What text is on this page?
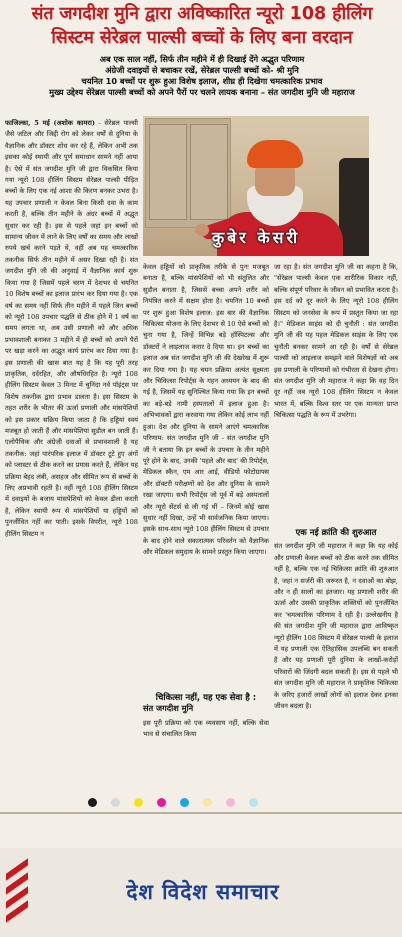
संत जगदीश मुनि द्वारा अविष्कारित न्यूरो 108 हीलिंग
सिस्टम सेरेब्रल पाल्सी बच्चों के लिए बना वरदान
अब एक साल नहीं, सिर्फ तीन महीने में ही दिखाई देंगे अद्भुत परिणाम
अंग्रेजी दवाइयों से बचाकर रखें, सेरेब्रल पाल्सी बच्चों को- श्री मुनि
चयनित 10 बच्चों पर शुरू हुआ विशेष इलाज, शीघ्र ही दिखेगा चमत्कारिक प्रभाव
मुख्य उद्देश्य सेरेब्रल पाल्सी बच्चों को अपने पैरों पर चलने लायक बनाना – संत जगदीश मुनि जी महाराज

फाजिल्का, 5 मई (अशोक कामरा) - सेरेब्रल पाल्सी जैसे जटिल और जिद्दी रोग को लेकर वर्षों से दुनिया के वैज्ञानिक और डॉक्टर शोध कर रहे हैं, लेकिन अभी तक इसका कोई स्थायी और पूर्ण समाधान सामने नहीं आया है। ऐसे में संत जगदीश मुनि जी द्वारा विकसित किया गया न्यूरो 108 हीलिंग सिस्टम सेरेब्रल पाल्सी पीड़ित बच्चों के लिए एक नई आशा की किरण बनकर उभरा है। यह उपचार प्रणाली न केवल बिना किसी दवा के काम करती है, बल्कि तीन महीने के अंदर बच्चों में अद्भुत सुधार कर रही है। इस से पहले जहां इन बच्चों को सामान्य जीवन में लाने के लिए वर्षों का समय और लाखों रुपये खर्च करने पड़ते थे, वहीं अब यह चमत्कारिक तकनीक सिर्फ तीन महीने में असर दिखा रही है। संत जगदीश मुनि जी की अनुवाई में वैज्ञानिक कार्य शुरू किया गया है जिसमें पहले चरण में देशभर से चयनित 10 विशेष बच्चों का इलाज प्रारंभ कर दिया गया है। एक वर्ष का समय नहीं सिर्फ तीन महीने में पहले जिन बच्चों को न्यूरो 108 उपचार पद्धति से ठीक होने में 1 वर्ष का समय लगता था, अब उसी प्रणाली को और अधिक प्रभावशाली बनाकर 3 महीने में ही बच्चों को अपने पैरों पर खड़ा करने का अद्भुत कार्य प्रारंभ कर दिया गया है। इस प्रणाली की खास बात यह है कि यह पूरी तरह प्राकृतिक, दर्दरहित, और औषधिरहित है। न्यूरो 108 हीलिंग सिस्टम केवल 3 मिनट में चुनिंदा नर्व पॉइंट्स पर विशेष तकनीक द्वारा प्रभाव डालता है। इस सिस्टम के तहत शरीर के भीतर की ऊर्जा प्रणाली और मांसपेशियों को इस प्रकार सक्रिय किया जाता है कि हड्डियां स्वयं मजबूत हो जाती हैं और मांसपेशियां सुडौल बन जाती हैं। एलोपैथिक और अंग्रेजी दवाओं से प्रभावशाली है यह तकनीक: जहां पारंपरिक इलाज में डॉक्टर टूटे हुए अंगों को प्लास्टर से ठीक करने का प्रयास करते हैं, लेकिन यह प्रक्रिया बेहद लंबी, असहज और सीमित रूप से बच्चों के लिए अप्रभावी रहती है। वहीं न्यूरो 108 हीलिंग सिस्टम में दवाइयों के बजाय मांसपेशियों को केवल ढीला करती है, लेकिन स्थायी रूप से मांसपेशियों या हड्डियों को पुनर्जीवित नहीं कर पाती। इसके विपरीत, न्यूरो 108 हीलिंग सिस्टम न

कुबेर केसरी

केवल हड्डियों को प्राकृतिक तरीके से पुनः मजबूत बनाता है, बल्कि मांसपेशियों को भी संतुलित और सुडौल बनाता है, जिससे बच्चा अपने शरीर को नियंत्रित करने में सक्षम होता है। चयनित 10 बच्चों पर शुरू हुआ विशेष इलाज: इस बार की वैज्ञानिक चिकित्सा योजना के लिए देशभर से 10 ऐसे बच्चों को चुना गया है, जिन्हें विभिन्न बड़े हॉस्पिटल्स और डॉक्टरों ने लाइलाज करार दे दिया था। इन बच्चों का इलाज अब संत जगदीश मुनि जी की देखरेख में शुरू कर दिया गया है। यह चयन प्रक्रिया अत्यंत सूक्ष्मता और चिकित्सा रिपोर्ट्स के गहन अध्ययन के बाद की गई है, जिसमें यह सुनिश्चित किया गया कि इन बच्चों का बड़े-बड़े नामी हस्पतालों में इलाज हुआ है। अभिभावकों द्वारा करवाया गया लेकिन कोई लाभ नहीं हुआ। देश और दुनिया के सामने आएंगे चमत्कारिक परिणाम: संत जगदीश मुनि जी - संत जगदीश मुनि जी ने बताया कि इन बच्चों के उपचार के तीन महीने पूरे होने के बाद, उनकी 'पहले और बाद' की रिपोर्ट्स, मेडिकल स्कैन, एम आर आई, वीडियो फोटोग्राफ्स और डॉक्टरी परीक्षणों को देश और दुनिया के सामने रखा जाएगा। सभी रिपोर्ट्स जो पूर्व में बड़े अस्पतालों और न्यूरो सेंटर्स से ली गई थीं – जिनमें कोई खास सुधार नहीं दिखा, उन्हें भी सार्वजनिक किया जाएगा। इसके साथ-साथ न्यूरो 108 हीलिंग सिस्टम से उपचार के बाद होने वाले सकारात्मक परिवर्तन को वैज्ञानिक और मेडिकल समुदाय के सामने प्रस्तुत किया जाएगा।

चिकित्सा नहीं, यह एक सेवा है :
संत जगदीश मुनि

इस पूरी प्रक्रिया को एक व्यवसाय नहीं, बल्कि सेवा भाव से संचालित किया

जा रहा है। संत जगदीश मुनि जी का कहना है कि, "सेरेब्रल पाल्सी केवल एक शारीरिक विकार नहीं, बल्कि संपूर्ण परिवार के जीवन को प्रभावित करता है। इस दर्द को दूर करने के लिए न्यूरो 108 हीलिंग सिस्टम को जनसेवा के रूप में प्रस्तुत किया जा रहा है।" मेडिकल साइंस को दी चुनौती : संत जगदीश मुनि जी की यह पहल मेडिकल साइंस के लिए एक चुनौती बनकर सामने आ रही है। वर्षों से सेरेब्रल पाल्सी को लाइलाज समझने वाले विशेषज्ञों को अब इस प्रणाली के परिणामों को गंभीरता से देखना होगा। संत जगदीश मुनि जी महाराज ने कहा कि वह दिन दूर नहीं जब न्यूरो 108 हीलिंग सिस्टम न केवल भारत में, बल्कि विश्व स्तर पर एक मान्यता प्राप्त चिकित्सा पद्धति के रूप में उभरेगा।

एक नई क्रांति की शुरुआत

संत जगदीश मुनि जी महाराज ने कहा कि यह कोई और प्रणाली केवल बच्चों को ठीक करने तक सीमित नहीं है, बल्कि एक नई चिकित्सा क्रांति की शुरुआत है, जहां न सर्जरी की जरूरत है, न दवाओं का बोझ, और न ही सालों का इंतजार। यह प्रणाली शरीर की ऊर्जा और उसकी प्राकृतिक शक्तियों को पुनर्जीवित कर 'चमत्कारिक परिणाम दे रही है। उल्लेखनीय है की संत जगदीश मुनि जी महाराज द्वारा आविष्कृत न्यूरो हीलिंग 108 सिस्टम में सेरेब्रल पाल्सी के इलाज में यह प्रणाली एक ऐतिहासिक उपलब्धि बन सकती है और यह प्रणाली पूरी दुनिया के लाखों-करोड़ों परिवारों की जिंदगी बदल सकती है। इस से पहले भी संत जगदीश मुनि जी महाराज ने प्राकृतिक चिकित्सा के जरिए हजारों लाखों लोगों को इलाज देकर इनका जीवन बदला है।

देश विदेश समाचार
